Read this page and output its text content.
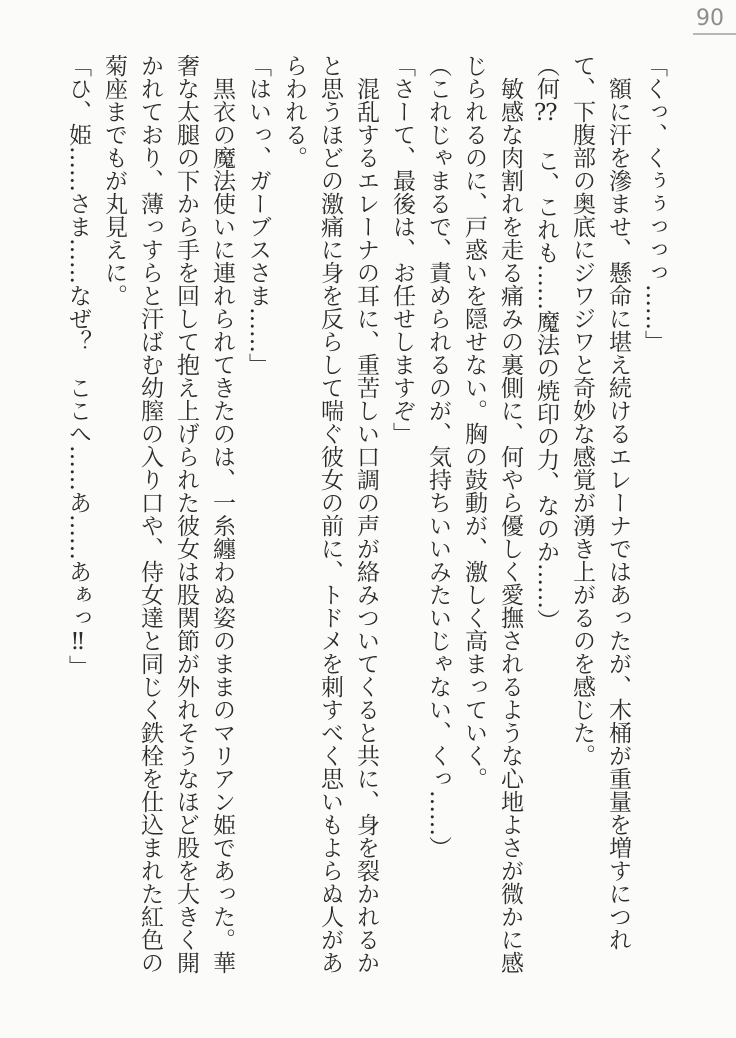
90

「くっ、くぅぅっっっ……」

額に汗を滲ませ、懸命に堪え続けるエレーナではあったが、木桶が重量を増すにつれて、下腹部の奥底にジワジワと奇妙な感覚が湧き上がるのを感じた。

（何⁇　こ、これも……魔法の焼印の力、なのか……）

敏感な肉割れを走る痛みの裏側に、何やら優しく愛撫されるような心地よさが微かに感じられるのに、戸惑いを隠せない。胸の鼓動が、激しく高まっていく。

（これじゃまるで、責められるのが、気持ちいいみたいじゃない、くっ……）

「さーて、最後は、お任せしますぞ」

混乱するエレーナの耳に、重苦しい口調の声が絡みついてくると共に、身を裂かれるかと思うほどの激痛に身を反らして喘ぐ彼女の前に、トドメを刺すべく思いもよらぬ人があらわれる。

「はいっ、ガーブスさま……」

黒衣の魔法使いに連れられてきたのは、一糸纏わぬ姿のままのマリアン姫であった。華奢な太腿の下から手を回して抱え上げられた彼女は股関節が外れそうなほど股を大きく開かれており、薄っすらと汗ばむ幼膣の入り口や、侍女達と同じく鉄栓を仕込まれた紅色の菊座までもが丸見えに。

「ひ、姫……さま……なぜ？　ここへ……あ……あぁっ‼」
